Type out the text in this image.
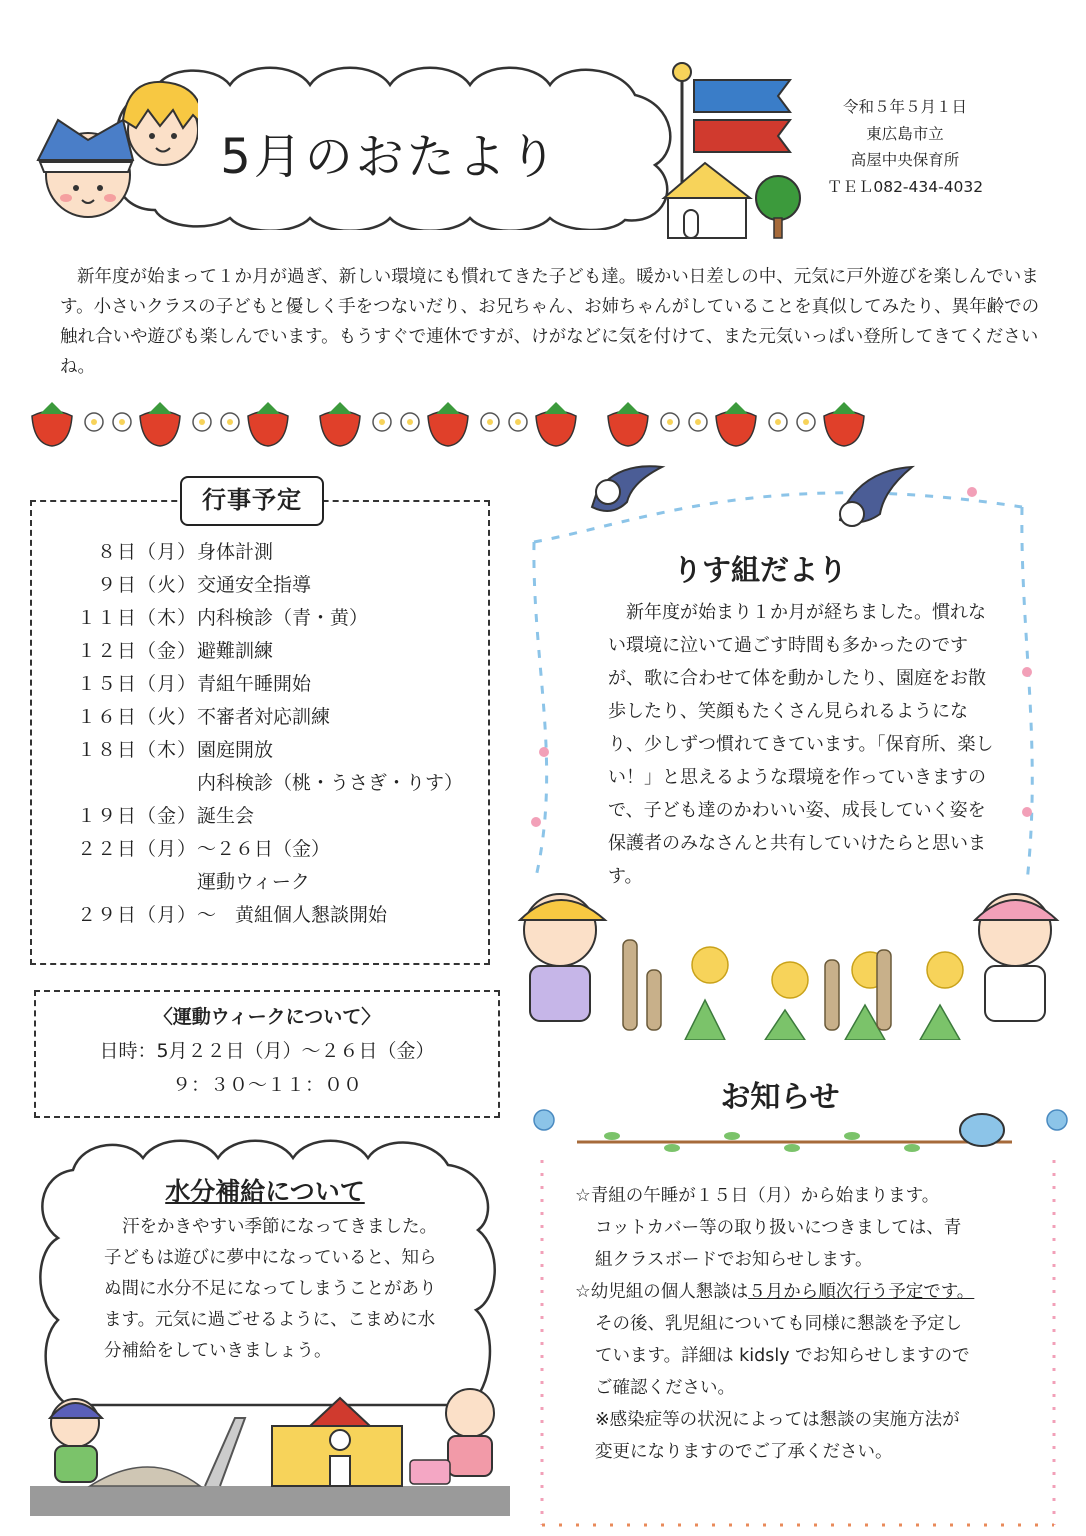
5月のおたより
令和５年５月１日
東広島市立
高屋中央保育所
ＴＥＬ082-434-4032
新年度が始まって１か月が過ぎ、新しい環境にも慣れてきた子ども達。暖かい日差しの中、元気に戸外遊びを楽しんでいます。小さいクラスの子どもと優しく手をつないだり、お兄ちゃん、お姉ちゃんがしていることを真似してみたり、異年齢での触れ合いや遊びも楽しんでいます。もうすぐで連休ですが、けがなどに気を付けて、また元気いっぱい登所してきてくださいね。
行事予定
８日（月） 身体計測
９日（火） 交通安全指導
１１日（木） 内科検診（青・黄）
１２日（金） 避難訓練
１５日（月） 青組午睡開始
１６日（火） 不審者対応訓練
１８日（木） 園庭開放
内科検診（桃・うさぎ・りす）
１９日（金） 誕生会
２２日（月） ～２６日（金）
運動ウィーク
２９日（月） ～　黄組個人懇談開始
〈運動ウィークについて〉
日時：5月２２日（月）～２６日（金）
９：３０～１１：００
水分補給について
汗をかきやすい季節になってきました。子どもは遊びに夢中になっていると、知らぬ間に水分不足になってしまうことがあります。元気に過ごせるように、こまめに水分補給をしていきましょう。
りす組だより
新年度が始まり１か月が経ちました。慣れない環境に泣いて過ごす時間も多かったのですが、歌に合わせて体を動かしたり、園庭をお散歩したり、笑顔もたくさん見られるようになり、少しずつ慣れてきています。「保育所、楽しい！」と思えるような環境を作っていきますので、子ども達のかわいい姿、成長していく姿を保護者のみなさんと共有していけたらと思います。
お知らせ
☆青組の午睡が１５日（月）から始まります。
コットカバー等の取り扱いにつきましては、青
組クラスボードでお知らせします。
☆幼児組の個人懇談は５月から順次行う予定です。
その後、乳児組についても同様に懇談を予定し
ています。詳細は kidsly でお知らせしますので
ご確認ください。
※感染症等の状況によっては懇談の実施方法が
変更になりますのでご了承ください。
